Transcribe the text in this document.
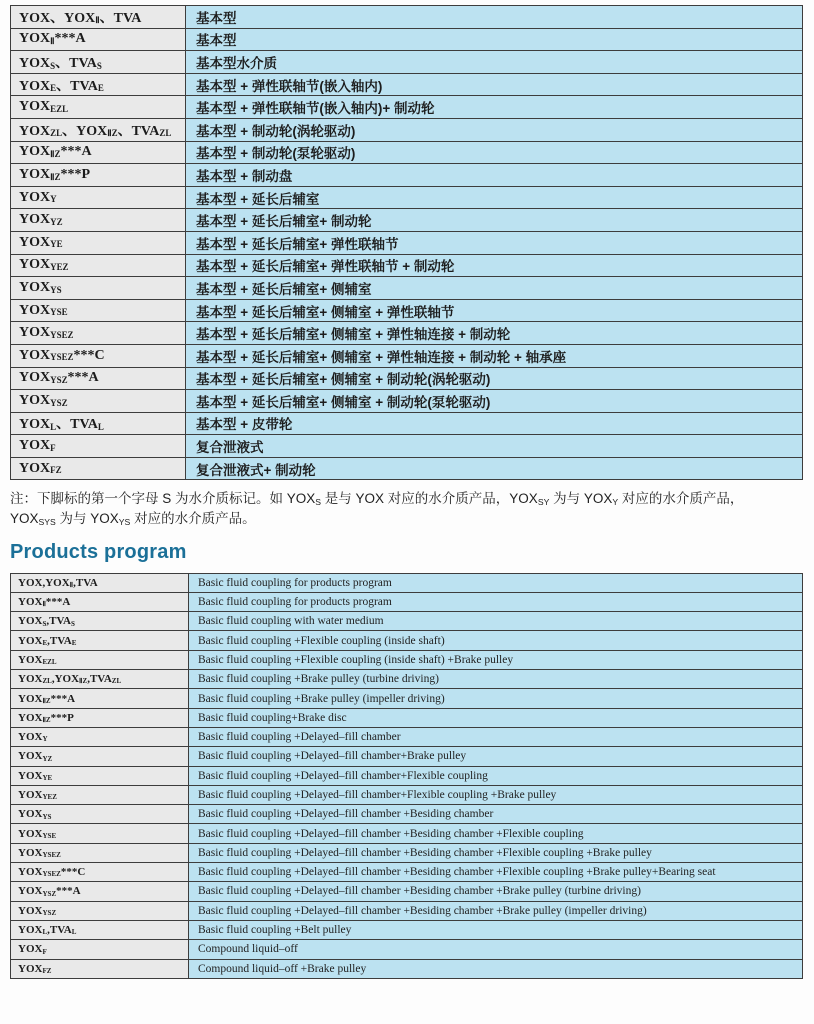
YOX、YOXⅡ、TVA	基本型
YOXⅡ***A	基本型
YOXS、TVAS	基本型水介质
YOXE、TVAE	基本型 + 弹性联轴节(嵌入轴内)
YOXEZL	基本型 + 弹性联轴节(嵌入轴内)+ 制动轮
YOXZL、YOXⅡZ、TVAZL	基本型 + 制动轮(涡轮驱动)
YOXⅡZ***A	基本型 + 制动轮(泵轮驱动)
YOXⅡZ***P	基本型 + 制动盘
YOXY	基本型 + 延长后辅室
YOXYZ	基本型 + 延长后辅室+ 制动轮
YOXYE	基本型 + 延长后辅室+ 弹性联轴节
YOXYEZ	基本型 + 延长后辅室+ 弹性联轴节 + 制动轮
YOXYS	基本型 + 延长后辅室+ 侧辅室
YOXYSE	基本型 + 延长后辅室+ 侧辅室 + 弹性联轴节
YOXYSEZ	基本型 + 延长后辅室+ 侧辅室 + 弹性轴连接 + 制动轮
YOXYSEZ***C	基本型 + 延长后辅室+ 侧辅室 + 弹性轴连接 + 制动轮 + 轴承座
YOXYSZ***A	基本型 + 延长后辅室+ 侧辅室 + 制动轮(涡轮驱动)
YOXYSZ	基本型 + 延长后辅室+ 侧辅室 + 制动轮(泵轮驱动)
YOXL、TVAL	基本型 + 皮带轮
YOXF	复合泄液式
YOXFZ	复合泄液式+ 制动轮
注：下脚标的第一个字母 S 为水介质标记。如 YOXS 是与 YOX 对应的水介质产品，YOXSY 为与 YOXY 对应的水介质产品，
YOXSYS 为与 YOXYS 对应的水介质产品。
Products program
YOX,YOXⅡ,TVA	Basic fluid coupling for products program
YOXⅡ***A	Basic fluid coupling for products program
YOXS,TVAS	Basic fluid coupling with water medium
YOXE,TVAE	Basic fluid coupling +Flexible coupling (inside shaft)
YOXEZL	Basic fluid coupling +Flexible coupling (inside shaft) +Brake pulley
YOXZL,YOXⅡZ,TVAZL	Basic fluid coupling +Brake pulley (turbine driving)
YOXⅡZ***A	Basic fluid coupling +Brake pulley (impeller driving)
YOXⅡZ***P	Basic fluid coupling+Brake disc
YOXY	Basic fluid coupling +Delayed–fill chamber
YOXYZ	Basic fluid coupling +Delayed–fill chamber+Brake pulley
YOXYE	Basic fluid coupling +Delayed–fill chamber+Flexible coupling
YOXYEZ	Basic fluid coupling +Delayed–fill chamber+Flexible coupling +Brake pulley
YOXYS	Basic fluid coupling +Delayed–fill chamber +Besiding chamber
YOXYSE	Basic fluid coupling +Delayed–fill chamber +Besiding chamber +Flexible coupling
YOXYSEZ	Basic fluid coupling +Delayed–fill chamber +Besiding chamber +Flexible coupling +Brake pulley
YOXYSEZ***C	Basic fluid coupling +Delayed–fill chamber +Besiding chamber +Flexible coupling +Brake pulley+Bearing seat
YOXYSZ***A	Basic fluid coupling +Delayed–fill chamber +Besiding chamber +Brake pulley (turbine driving)
YOXYSZ	Basic fluid coupling +Delayed–fill chamber +Besiding chamber +Brake pulley (impeller driving)
YOXL,TVAL	Basic fluid coupling +Belt pulley
YOXF	Compound liquid–off
YOXFZ	Compound liquid–off +Brake pulley
